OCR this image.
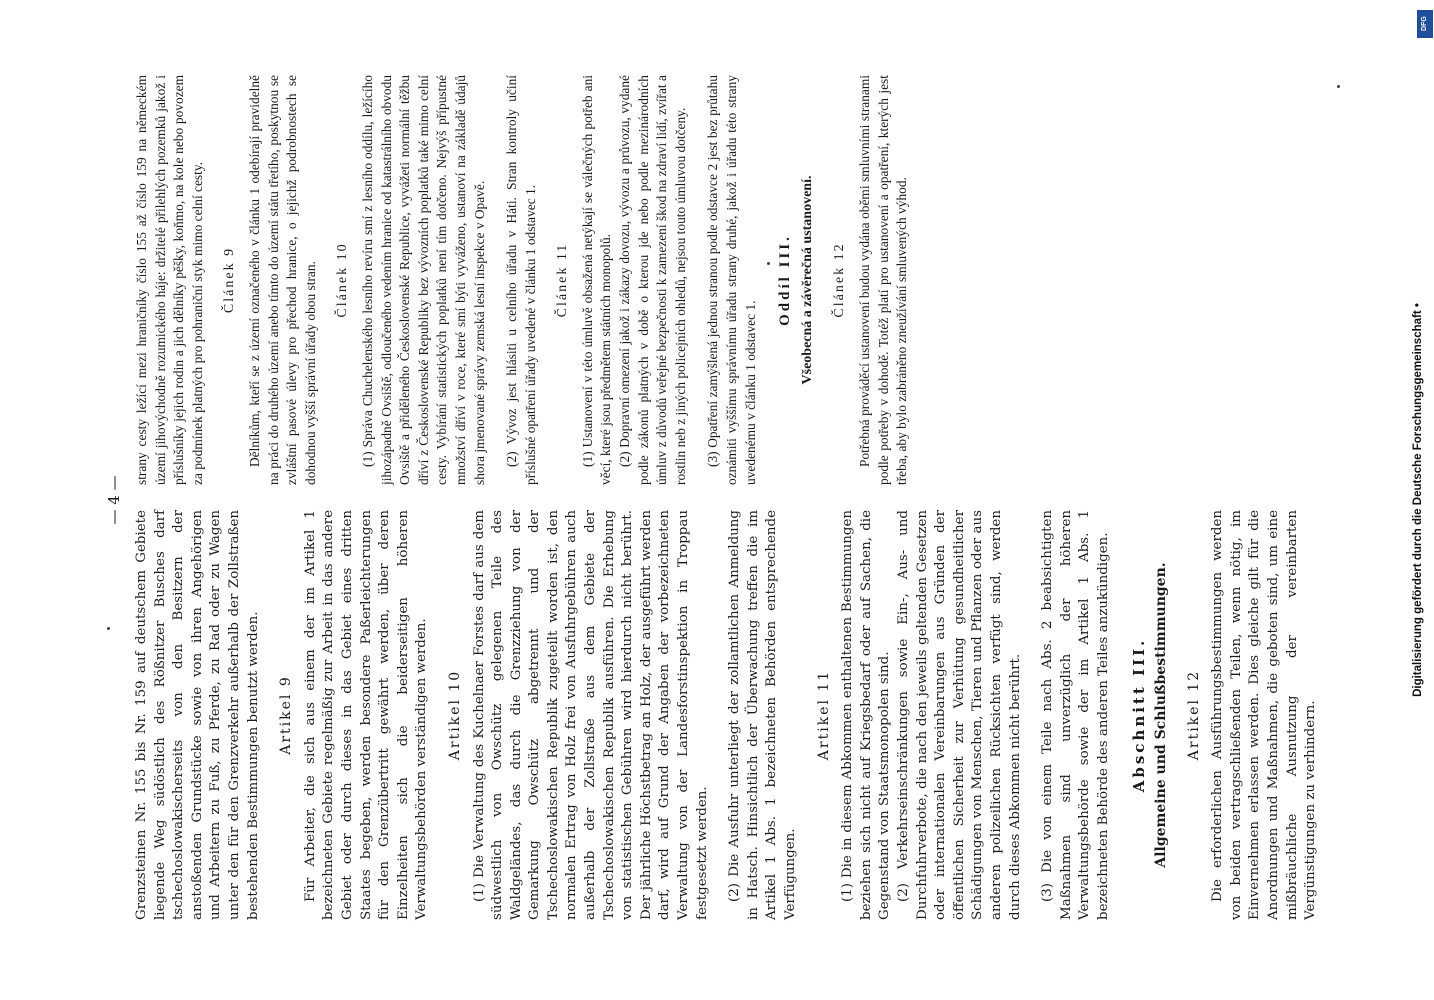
— 4 —

Grenzsteinen Nr. 155 bis Nr. 159 auf deutschem Gebiete liegende Weg südöstlich des Rößnitzer Busches darf tschechoslowakischerseits von den Besitzern der anstoßenden Grundstücke sowie von ihren Angehörigen und Arbeitern zu Fuß, zu Pferde, zu Rad oder zu Wagen unter den für den Grenzverkehr außerhalb der Zollstraßen bestehenden Bestimmungen benutzt werden. Artikel 9 Für Arbeiter, die sich aus einem der im Artikel 1 bezeichneten Gebiete regelmäßig zur Arbeit in das andere Gebiet oder durch dieses in das Gebiet eines dritten Staates begeben, werden besondere Paßerleichterungen für den Grenzübertritt gewährt werden, über deren Einzelheiten sich die beiderseitigen höheren Verwaltungsbehörden verständigen werden. Artikel 10 (1) Die Verwaltung des Kuchelnaer Forstes darf aus dem südwestlich von Owschütz gelegenen Teile des Waldgeländes, das durch die Grenzziehung von der Gemarkung Owschütz abgetrennt und der Tschechoslowakischen Republik zugeteilt worden ist, den normalen Ertrag von Holz frei von Ausfuhrgebühren auch außerhalb der Zollstraße aus dem Gebiete der Tschechoslowakischen Republik ausführen. Die Erhebung von statistischen Gebühren wird hierdurch nicht berührt. Der jährliche Höchstbetrag an Holz, der ausgeführt werden darf, wird auf Grund der Angaben der vorbezeichneten Verwaltung von der Landesforstinspektion in Troppau festgesetzt werden. (2) Die Ausfuhr unterliegt der zollamtlichen Anmeldung in Hatsch. Hinsichtlich der Überwachung treffen die im Artikel 1 Abs. 1 bezeichneten Behörden entsprechende Verfügungen.

Artikel 11 (1) Die in diesem Abkommen enthaltenen Bestimmungen beziehen sich nicht auf Kriegsbedarf oder auf Sachen, die Gegenstand von Staatsmonopolen sind. (2) Verkehrseinschränkungen sowie Ein-, Aus- und Durchfuhrverbote, die nach den jeweils geltenden Gesetzen oder internationalen Vereinbarungen aus Gründen der öffentlichen Sicherheit zur Verhütung gesundheitlicher Schädigungen von Menschen, Tieren und Pflanzen oder aus anderen polizeilichen Rücksichten verfügt sind, werden durch dieses Abkommen nicht berührt. (3) Die von einem Teile nach Abs. 2 beabsichtigten Maßnahmen sind unverzüglich der höheren Verwaltungsbehörde sowie der im Artikel 1 Abs. 1 bezeichneten Behörde des anderen Teiles anzukündigen. Abschnitt III. Allgemeine und Schlußbestimmungen. Artikel 12 Die erforderlichen Ausführungsbestimmungen werden von beiden vertragschließenden Teilen, wenn nötig, im Einvernehmen erlassen werden. Dies gleiche gilt für die Anordnungen und Maßnahmen, die geboten sind, um eine mißbräuchliche Ausnutzung der vereinbarten Vergünstigungen zu verhindern.

strany cesty ležící mezi hraničníky číslo 155 až číslo 159 na německém území jihovýchodně rozumického háje: držitelé přilehlých pozemků jakož i příslušníky jejich rodin a jich dělníky pěšky, koňmo, na kole nebo povozem za podmínek platných pro pohraniční styk mimo celní cesty. Článek 9 Dělníkům, kteří se z území označeného v článku 1 odebírají pravidelně na práci do druhého území anebo tímto do území státu třetího, poskytnou se zvláštní pasové úlevy pro přechod hranice, o jejichž podrobnostech se dohodnou vyšší správní úřady obou stran. Článek 10 (1) Správa Chuchelenského lesního revíru smí z lesního oddílu, ležícího jihozápadně Ovsiště, odloučeného vedením hranice od katastrálního obvodu Ovsiště a přiděleného Československé Republice, vyvážeti normální těžbu dříví z Československé Republiky bez vývozních poplatků také mimo celní cesty. Vybírání statistických poplatků není tím dotčeno. Nejvýš přípustné množství dříví v roce, které smí býti vyváženo, ustanoví na základě údajů shora jmenované správy zemská lesní inspekce v Opavě. (2) Vývoz jest hlásiti u celního úřadu v Háti. Stran kontroly učiní příslušné opatření úřady uvedené v článku 1 odstavec 1. Článek 11 (1) Ustanovení v této úmluvě obsažená netýkají se válečných potřeb ani věcí, které jsou předmětem státních monopolů. (2) Dopravní omezení jakož i zákazy dovozu, vývozu a průvozu, vydané podle zákonů platných v době o kterou jde nebo podle mezinárodních úmluv z důvodů veřejné bezpečnosti k zamezení škod na zdraví lidí, zvířat a rostlin neb z jiných policejních ohledů, nejsou touto úmluvou dotčeny. (3) Opatření zamýšlená jednou stranou podle odstavce 2 jest bez průtahu oznámiti vyššímu správnímu úřadu strany druhé, jakož i úřadu této strany uvedenému v článku 1 odstavec 1.

Oddíl III. Všeobecná a závěrečná ustanovení. Článek 12 Potřebná prováděcí ustanovení budou vydána oběmi smluvními stranami podle potřeby v dohodě. Totéž platí pro ustanovení a opatření, kterých jest třeba, aby bylo zabráněno zneužívání smluvených výhod.

DFG
Digitalisierung gefördert durch die Deutsche Forschungsgemeinschaft •
